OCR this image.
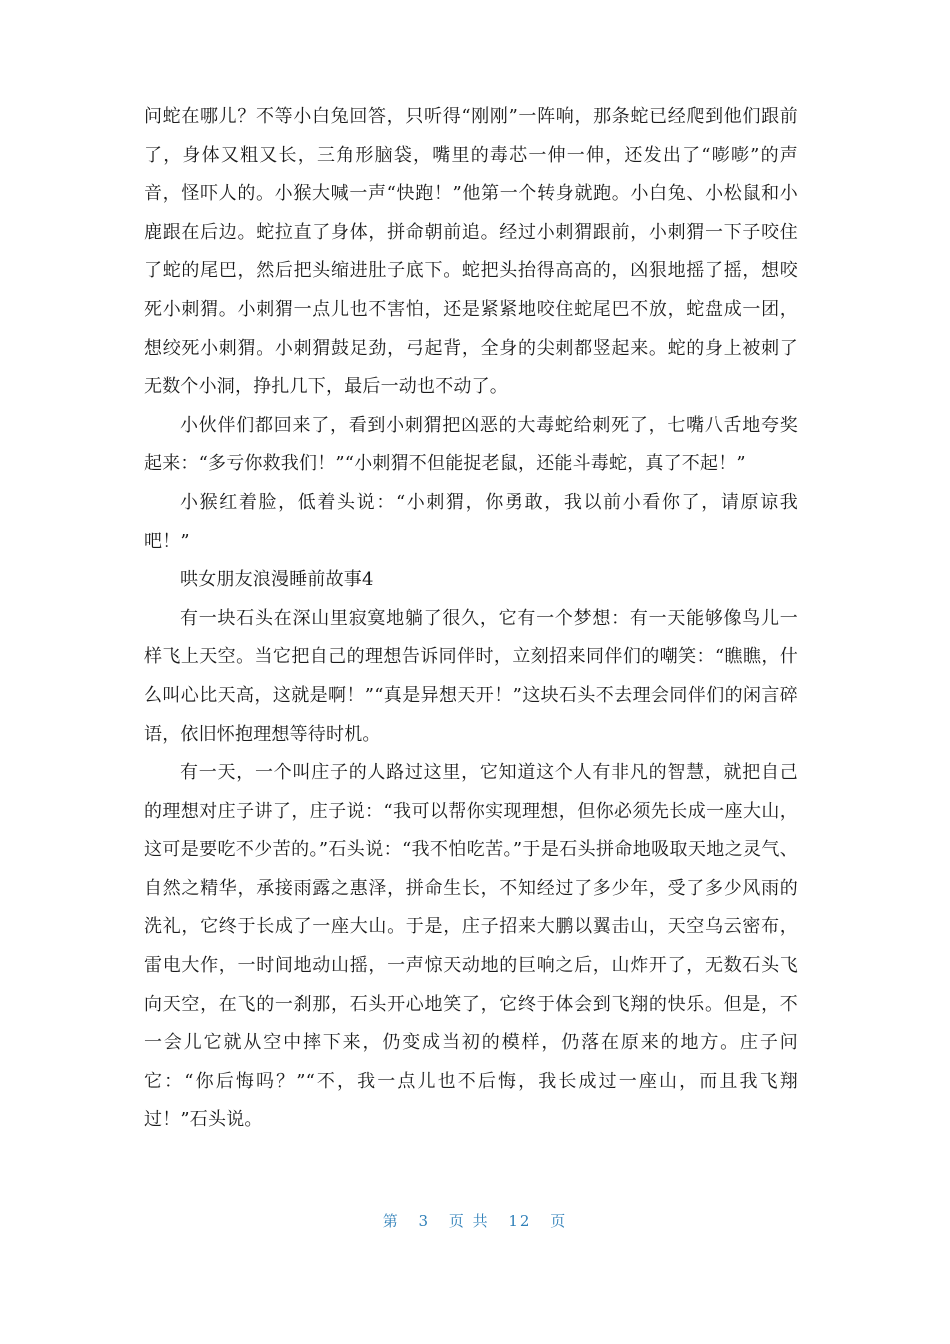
问蛇在哪儿？不等小白兔回答，只听得“刚刚”一阵响，那条蛇已经爬到他们跟前了，身体又粗又长，三角形脑袋，嘴里的毒芯一伸一伸，还发出了“嘭嘭”的声音，怪吓人的。小猴大喊一声“快跑！”他第一个转身就跑。小白兔、小松鼠和小鹿跟在后边。蛇拉直了身体，拼命朝前追。经过小刺猬跟前，小刺猬一下子咬住了蛇的尾巴，然后把头缩进肚子底下。蛇把头抬得高高的，凶狠地摇了摇，想咬死小刺猬。小刺猬一点儿也不害怕，还是紧紧地咬住蛇尾巴不放，蛇盘成一团，想绞死小刺猬。小刺猬鼓足劲，弓起背，全身的尖刺都竖起来。蛇的身上被刺了无数个小洞，挣扎几下，最后一动也不动了。

小伙伴们都回来了，看到小刺猬把凶恶的大毒蛇给刺死了，七嘴八舌地夸奖起来：“多亏你救我们！”“小刺猬不但能捉老鼠，还能斗毒蛇，真了不起！”

小猴红着脸，低着头说：“小刺猬，你勇敢，我以前小看你了，请原谅我吧！”

哄女朋友浪漫睡前故事4

有一块石头在深山里寂寞地躺了很久，它有一个梦想：有一天能够像鸟儿一样飞上天空。当它把自己的理想告诉同伴时，立刻招来同伴们的嘲笑：“瞧瞧，什么叫心比天高，这就是啊！”“真是异想天开！”这块石头不去理会同伴们的闲言碎语，依旧怀抱理想等待时机。

有一天，一个叫庄子的人路过这里，它知道这个人有非凡的智慧，就把自己的理想对庄子讲了，庄子说：“我可以帮你实现理想，但你必须先长成一座大山，这可是要吃不少苦的。”石头说：“我不怕吃苦。”于是石头拼命地吸取天地之灵气、自然之精华，承接雨露之惠泽，拼命生长，不知经过了多少年，受了多少风雨的洗礼，它终于长成了一座大山。于是，庄子招来大鹏以翼击山，天空乌云密布，雷电大作，一时间地动山摇，一声惊天动地的巨响之后，山炸开了，无数石头飞向天空，在飞的一刹那，石头开心地笑了，它终于体会到飞翔的快乐。但是，不一会儿它就从空中摔下来，仍变成当初的模样，仍落在原来的地方。庄子问它：“你后悔吗？”“不，我一点儿也不后悔，我长成过一座山，而且我飞翔过！”石头说。

第 3 页 共 12 页
